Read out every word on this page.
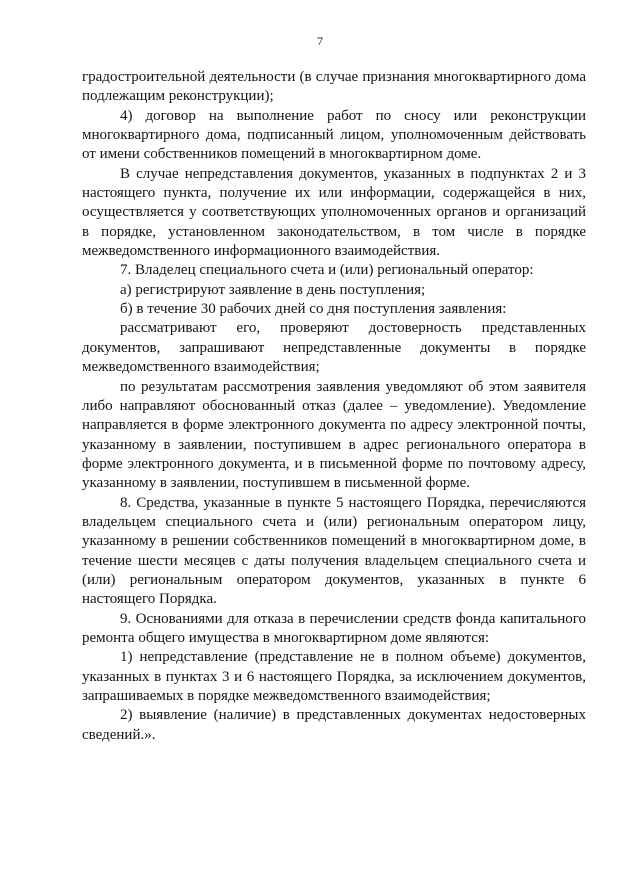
7

градостроительной деятельности (в случае признания многоквартирного дома подлежащим реконструкции);

4) договор на выполнение работ по сносу или реконструкции многоквартирного дома, подписанный лицом, уполномоченным действовать от имени собственников помещений в многоквартирном доме.

В случае непредставления документов, указанных в подпунктах 2 и 3 настоящего пункта, получение их или информации, содержащейся в них, осуществляется у соответствующих уполномоченных органов и организаций в порядке, установленном законодательством, в том числе в порядке межведомственного информационного взаимодействия.

7. Владелец специального счета и (или) региональный оператор:

а) регистрируют заявление в день поступления;

б) в течение 30 рабочих дней со дня поступления заявления:

рассматривают его, проверяют достоверность представленных документов, запрашивают непредставленные документы в порядке межведомственного взаимодействия;

по результатам рассмотрения заявления уведомляют об этом заявителя либо направляют обоснованный отказ (далее – уведомление). Уведомление направляется в форме электронного документа по адресу электронной почты, указанному в заявлении, поступившем в адрес регионального оператора в форме электронного документа, и в письменной форме по почтовому адресу, указанному в заявлении, поступившем в письменной форме.

8. Средства, указанные в пункте 5 настоящего Порядка, перечисляются владельцем специального счета и (или) региональным оператором лицу, указанному в решении собственников помещений в многоквартирном доме, в течение шести месяцев с даты получения владельцем специального счета и (или) региональным оператором документов, указанных в пункте 6 настоящего Порядка.

9. Основаниями для отказа в перечислении средств фонда капитального ремонта общего имущества в многоквартирном доме являются:

1) непредставление (представление не в полном объеме) документов, указанных в пунктах 3 и 6 настоящего Порядка, за исключением документов, запрашиваемых в порядке межведомственного взаимодействия;

2) выявление (наличие) в представленных документах недостоверных сведений.».
